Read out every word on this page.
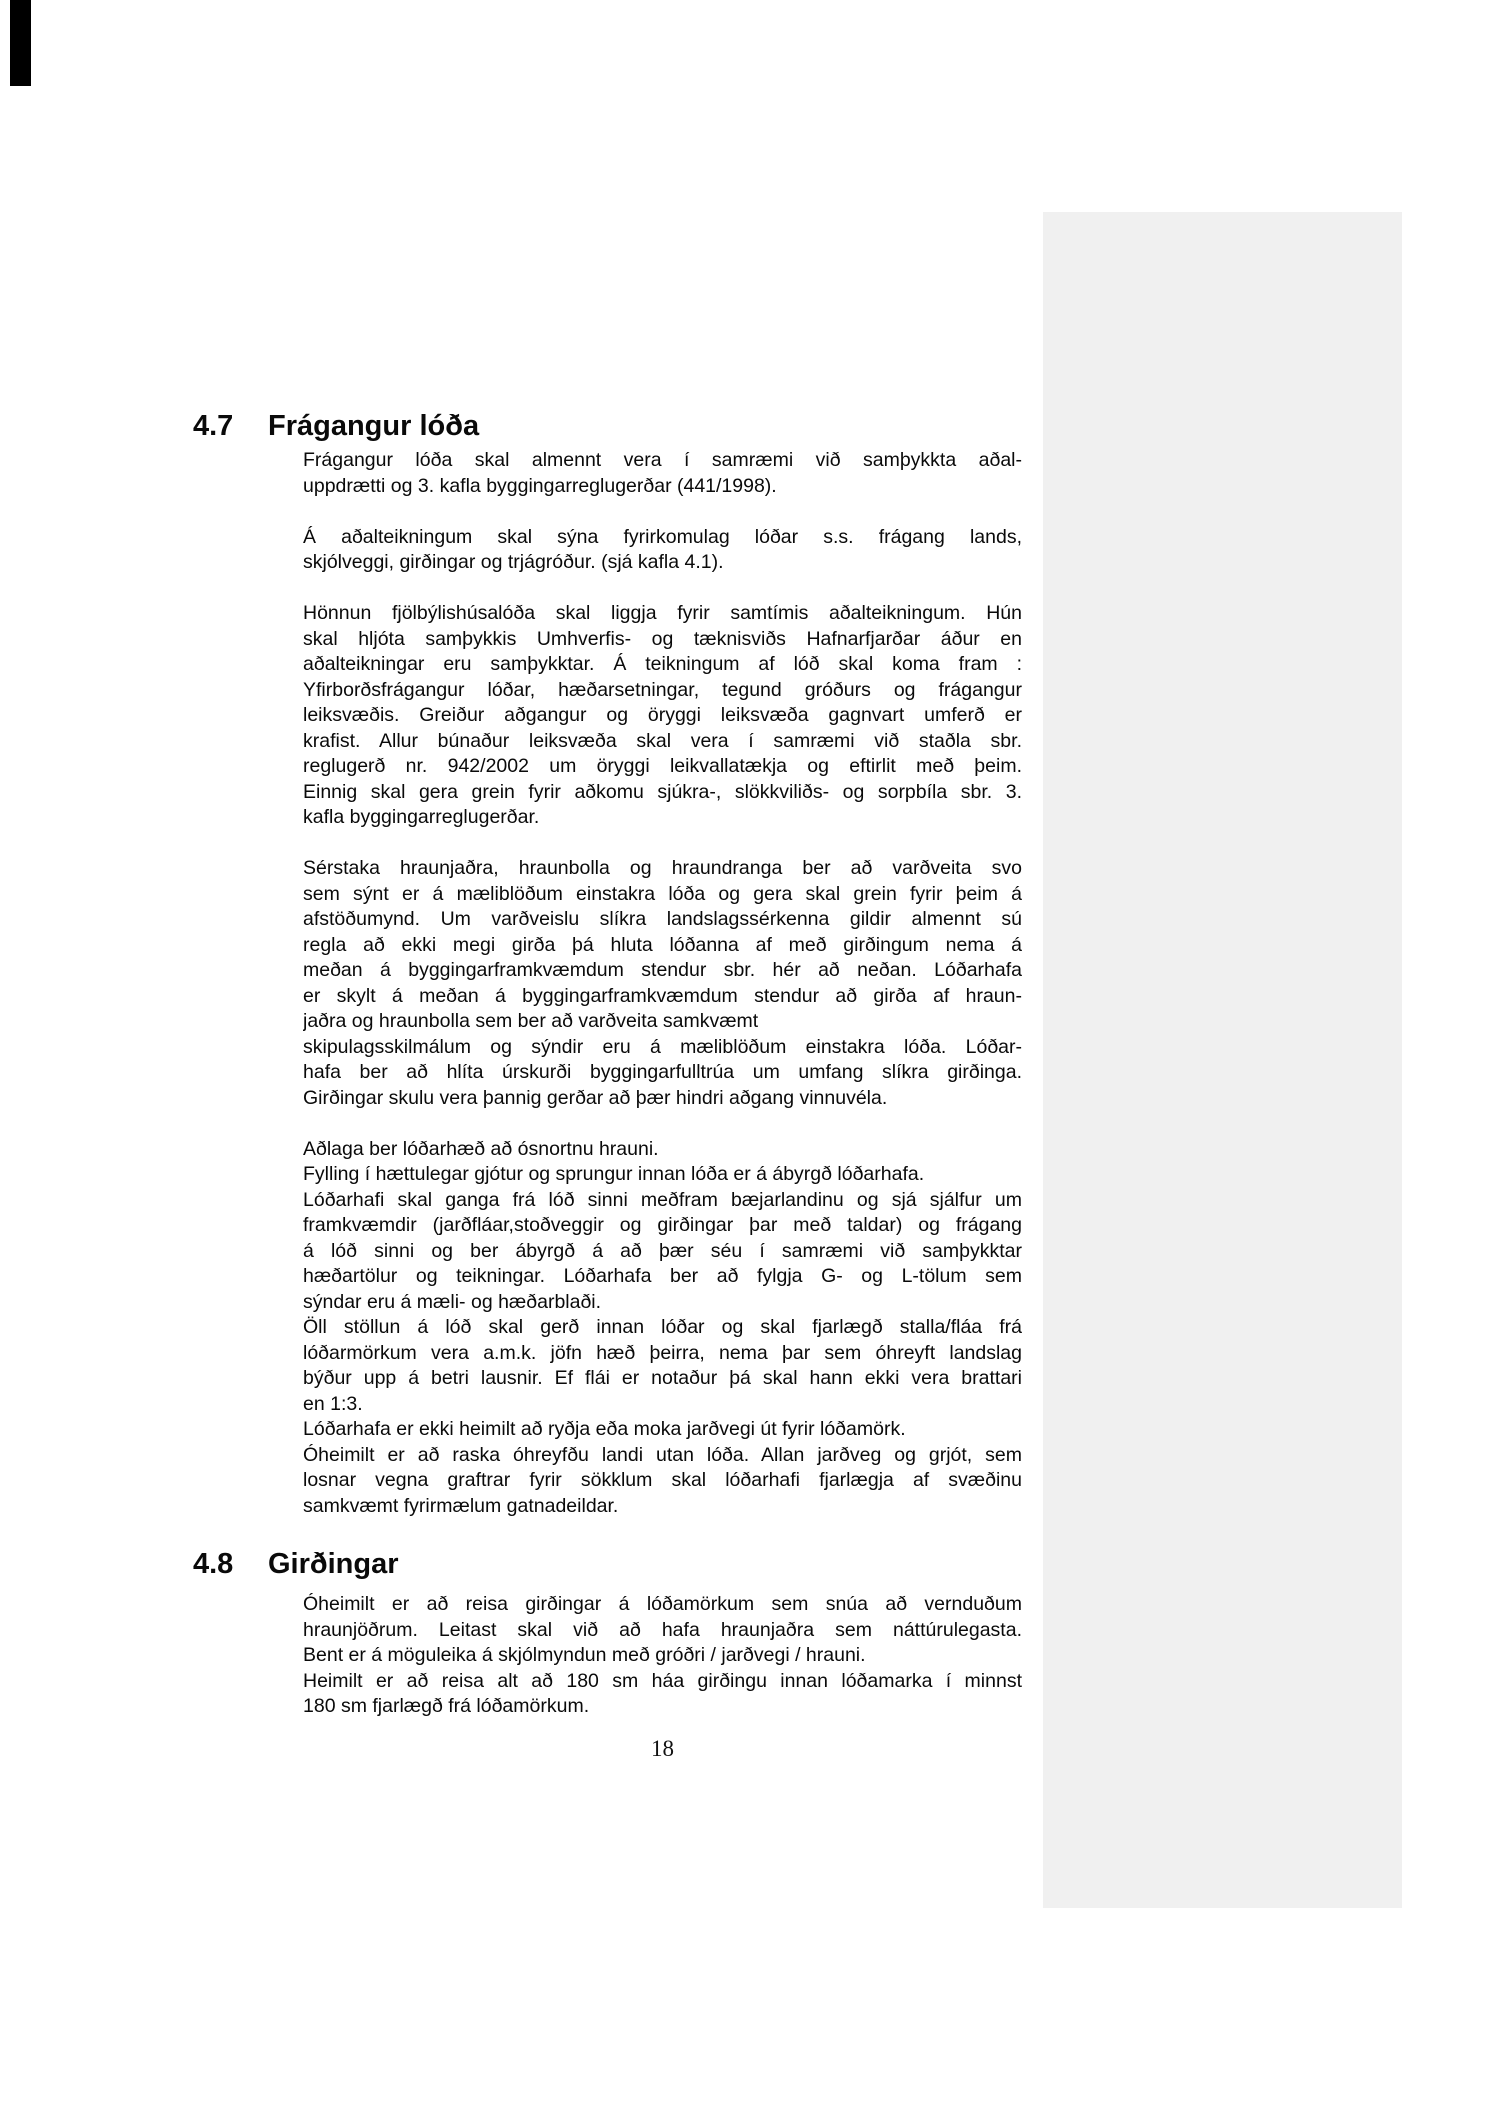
4.7 Frágangur lóða
Frágangur lóða skal almennt vera í samræmi við samþykkta aðal-
uppdrætti og 3. kafla byggingarreglugerðar (441/1998).
Á aðalteikningum skal sýna fyrirkomulag lóðar s.s. frágang lands,
skjólveggi, girðingar og trjágróður. (sjá kafla 4.1).
Hönnun fjölbýlishúsalóða skal liggja fyrir samtímis aðalteikningum. Hún
skal hljóta samþykkis Umhverfis- og tæknisviðs Hafnarfjarðar áður en
aðalteikningar eru samþykktar. Á teikningum af lóð skal koma fram :
Yfirborðsfrágangur lóðar, hæðarsetningar, tegund gróðurs og frágangur
leiksvæðis. Greiður aðgangur og öryggi leiksvæða gagnvart umferð er
krafist. Allur búnaður leiksvæða skal vera í samræmi við staðla sbr.
reglugerð nr. 942/2002 um öryggi leikvallatækja og eftirlit með þeim.
Einnig skal gera grein fyrir aðkomu sjúkra-, slökkviliðs- og sorpbíla sbr. 3.
kafla byggingarreglugerðar.
Sérstaka hraunjaðra, hraunbolla og hraundranga ber að varðveita svo
sem sýnt er á mæliblöðum einstakra lóða og gera skal grein fyrir þeim á
afstöðumynd. Um varðveislu slíkra landslagssérkenna gildir almennt sú
regla að ekki megi girða þá hluta lóðanna af með girðingum nema á
meðan á byggingarframkvæmdum stendur sbr. hér að neðan. Lóðarhafa
er skylt á meðan á byggingarframkvæmdum stendur að girða af hraun-
jaðra og hraunbolla sem ber að varðveita samkvæmt
skipulagsskilmálum og sýndir eru á mæliblöðum einstakra lóða. Lóðar-
hafa ber að hlíta úrskurði byggingarfulltrúa um umfang slíkra girðinga.
Girðingar skulu vera þannig gerðar að þær hindri aðgang vinnuvéla.
Aðlaga ber lóðarhæð að ósnortnu hrauni.
Fylling í hættulegar gjótur og sprungur innan lóða er á ábyrgð lóðarhafa.
Lóðarhafi skal ganga frá lóð sinni meðfram bæjarlandinu og sjá sjálfur um
framkvæmdir (jarðfláar,stoðveggir og girðingar þar með taldar) og frágang
á lóð sinni og ber ábyrgð á að þær séu í samræmi við samþykktar
hæðartölur og teikningar. Lóðarhafa ber að fylgja G- og L-tölum sem
sýndar eru á mæli- og hæðarblaði.
Öll stöllun á lóð skal gerð innan lóðar og skal fjarlægð stalla/fláa frá
lóðarmörkum vera a.m.k. jöfn hæð þeirra, nema þar sem óhreyft landslag
býður upp á betri lausnir. Ef flái er notaður þá skal hann ekki vera brattari
en 1:3.
Lóðarhafa er ekki heimilt að ryðja eða moka jarðvegi út fyrir lóðamörk.
Óheimilt er að raska óhreyfðu landi utan lóða. Allan jarðveg og grjót, sem
losnar vegna graftrar fyrir sökklum skal lóðarhafi fjarlægja af svæðinu
samkvæmt fyrirmælum gatnadeildar.
4.8 Girðingar
Óheimilt er að reisa girðingar á lóðamörkum sem snúa að vernduðum
hraunjöðrum. Leitast skal við að hafa hraunjaðra sem náttúrulegasta.
Bent er á möguleika á skjólmyndun með gróðri / jarðvegi / hrauni.
Heimilt er að reisa alt að 180 sm háa girðingu innan lóðamarka í minnst
180 sm fjarlægð frá lóðamörkum.
18
